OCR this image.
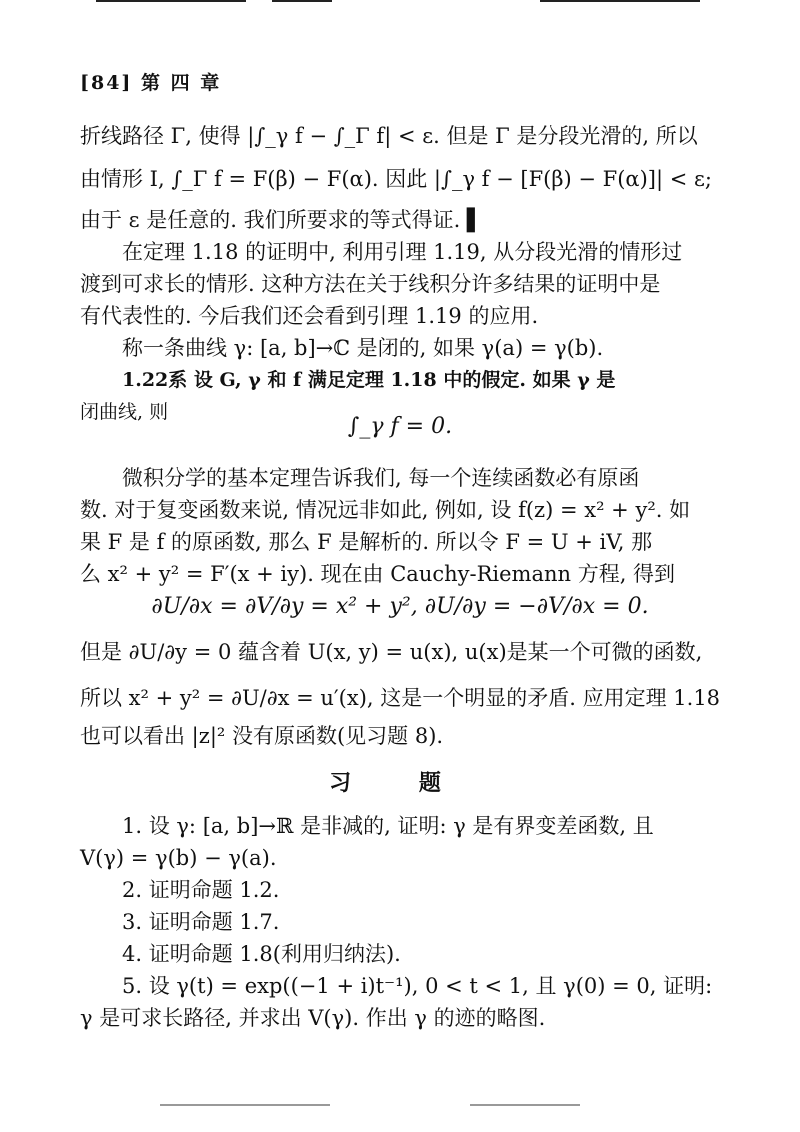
[84] 第 四 章
折线路径 Γ, 使得 |∫_γ f − ∫_Γ f| < ε. 但是 Γ 是分段光滑的, 所以
由情形 I, ∫_Γ f = F(β) − F(α). 因此 |∫_γ f − [F(β) − F(α)]| < ε;
由于 ε 是任意的. 我们所要求的等式得证. ▌
在定理 1.18 的证明中, 利用引理 1.19, 从分段光滑的情形过
渡到可求长的情形. 这种方法在关于线积分许多结果的证明中是
有代表性的. 今后我们还会看到引理 1.19 的应用.
称一条曲线 γ: [a, b]→ℂ 是闭的, 如果 γ(a) = γ(b).
1.22系 设 G, γ 和 f 满足定理 1.18 中的假定. 如果 γ 是
闭曲线, 则
∫_γ f = 0.
微积分学的基本定理告诉我们, 每一个连续函数必有原函
数. 对于复变函数来说, 情况远非如此, 例如, 设 f(z) = x² + y². 如
果 F 是 f 的原函数, 那么 F 是解析的. 所以令 F = U + iV, 那
么 x² + y² = F′(x + iy). 现在由 Cauchy-Riemann 方程, 得到
∂U/∂x = ∂V/∂y = x² + y², ∂U/∂y = −∂V/∂x = 0.
但是 ∂U/∂y = 0 蕴含着 U(x, y) = u(x), u(x)是某一个可微的函数,
所以 x² + y² = ∂U/∂x = u′(x), 这是一个明显的矛盾. 应用定理 1.18
也可以看出 |z|² 没有原函数(见习题 8).
习 题
1. 设 γ: [a, b]→ℝ 是非减的, 证明: γ 是有界变差函数, 且
V(γ) = γ(b) − γ(a).
2. 证明命题 1.2.
3. 证明命题 1.7.
4. 证明命题 1.8(利用归纳法).
5. 设 γ(t) = exp((−1 + i)t⁻¹), 0 < t < 1, 且 γ(0) = 0, 证明:
γ 是可求长路径, 并求出 V(γ). 作出 γ 的迹的略图.
